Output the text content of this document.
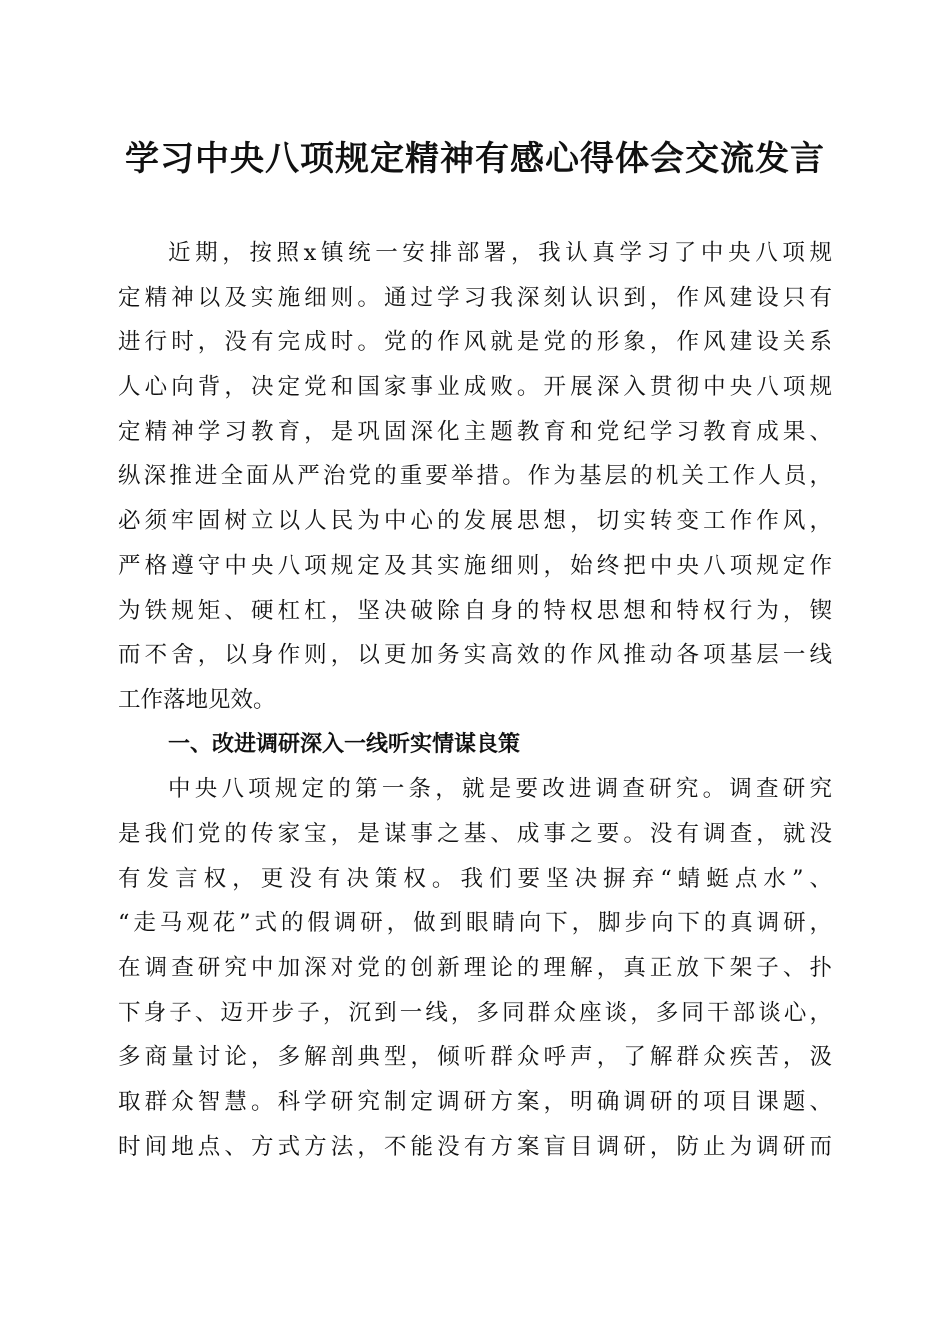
学习中央八项规定精神有感心得体会交流发言
近期，按照x镇统一安排部署，我认真学习了中央八项规
定精神以及实施细则。通过学习我深刻认识到，作风建设只有
进行时，没有完成时。党的作风就是党的形象，作风建设关系
人心向背，决定党和国家事业成败。开展深入贯彻中央八项规
定精神学习教育，是巩固深化主题教育和党纪学习教育成果、
纵深推进全面从严治党的重要举措。作为基层的机关工作人员，
必须牢固树立以人民为中心的发展思想，切实转变工作作风，
严格遵守中央八项规定及其实施细则，始终把中央八项规定作
为铁规矩、硬杠杠，坚决破除自身的特权思想和特权行为，锲
而不舍，以身作则，以更加务实高效的作风推动各项基层一线
工作落地见效。
一、改进调研深入一线听实情谋良策
中央八项规定的第一条，就是要改进调查研究。调查研究
是我们党的传家宝，是谋事之基、成事之要。没有调查，就没
有发言权，更没有决策权。我们要坚决摒弃“蜻蜓点水”、
“走马观花”式的假调研，做到眼睛向下，脚步向下的真调研，
在调查研究中加深对党的创新理论的理解，真正放下架子、扑
下身子、迈开步子，沉到一线，多同群众座谈，多同干部谈心，
多商量讨论，多解剖典型，倾听群众呼声，了解群众疾苦，汲
取群众智慧。科学研究制定调研方案，明确调研的项目课题、
时间地点、方式方法，不能没有方案盲目调研，防止为调研而
